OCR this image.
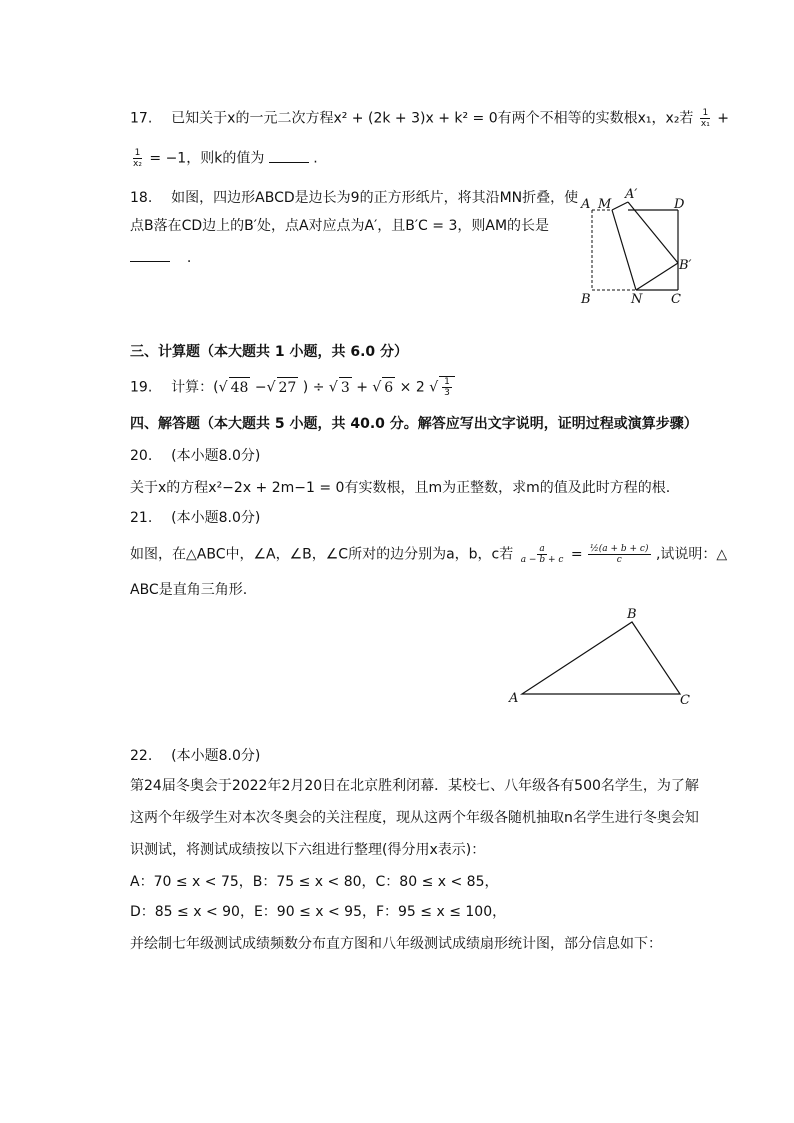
17. 已知关于x的一元二次方程x² + (2k + 3)x + k² = 0有两个不相等的实数根x₁，x₂若 $\frac{1}{\text{x₁}}$ +
$\frac{1}{\text{x₂}} = -1$，则k的值为	.
18. 如图，四边形ABCD是边长为9的正方形纸片，将其沿MN折叠，使
点B落在CD边上的B′处，点A对应点为A′，且B′C = 3，则AM的长是
.
A M
A′
D
B′
B	N C
三、计算题（本大题共 1 小题，共 6.0 分）
19. 计算：(√ 48 −√ 27 ) ÷ √ 3 + √ 6 × 2 √ $\frac{1}{3}$
四、解答题（本大题共 5 小题，共 40.0 分。解答应写出文字说明，证明过程或演算步骤）
20. (本小题8.0分)
关于x的方程x²−2x + 2m−1 = 0有实数根，且m为正整数，求m的值及此时方程的根.
21. (本小题8.0分)
如图，在△ABC中，∠A，∠B，∠C所对的边分别为a，b，c若 $\frac{a}{a - b + c} = \frac{\text{½(a + b + c)}}{c}$ ,试说明：△
ABC是直角三角形.
A
B
C
22. (本小题8.0分)
第24届冬奥会于2022年2月20日在北京胜利闭幕．某校七、八年级各有500名学生，为了解
这两个年级学生对本次冬奥会的关注程度，现从这两个年级各随机抽取n名学生进行冬奥会知
识测试，将测试成绩按以下六组进行整理(得分用x表示)：
A：70 ≤ x < 75，B：75 ≤ x < 80，C：80 ≤ x < 85，
D：85 ≤ x < 90，E：90 ≤ x < 95，F：95 ≤ x ≤ 100，
并绘制七年级测试成绩频数分布直方图和八年级测试成绩扇形统计图，部分信息如下：
